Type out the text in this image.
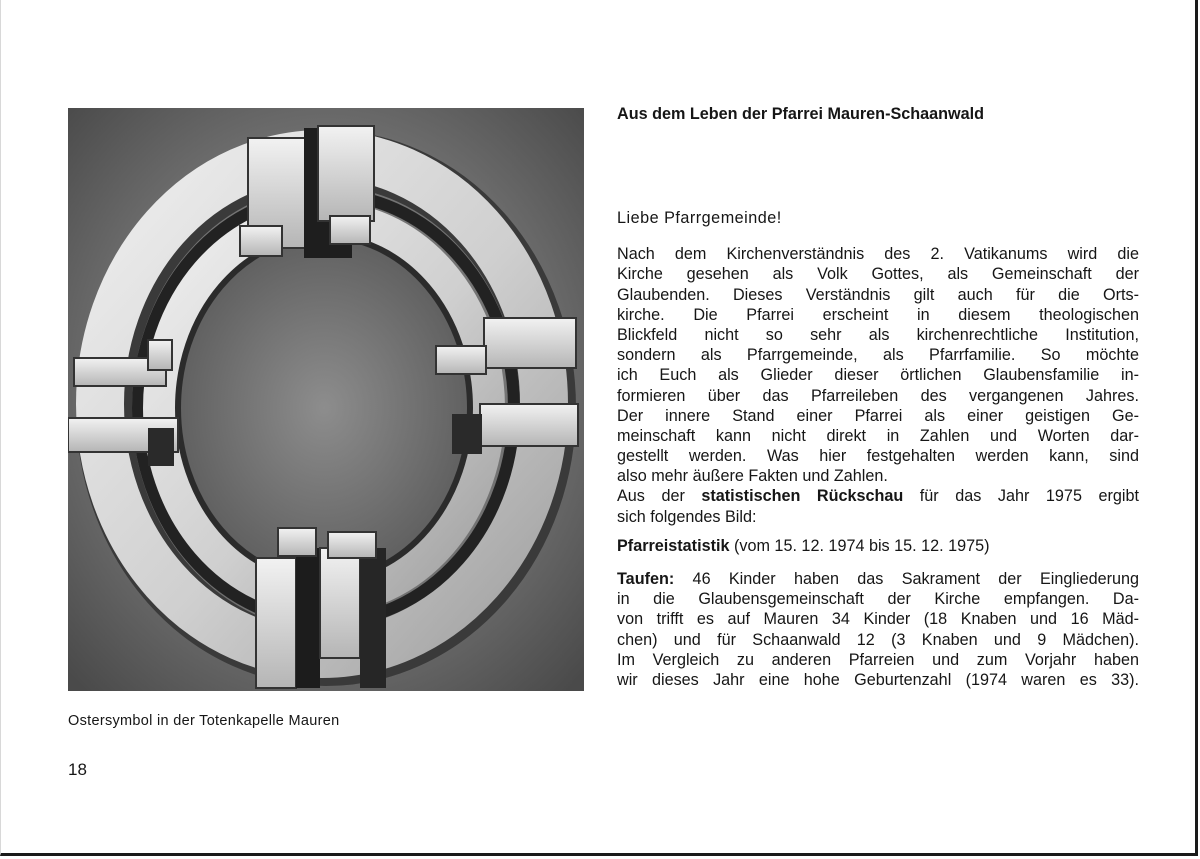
Ostersymbol in der Totenkapelle Mauren
18

Aus dem Leben der Pfarrei Mauren-Schaanwald

Liebe Pfarrgemeinde!

Nach dem Kirchenverständnis des 2. Vatikanums wird die
Kirche gesehen als Volk Gottes, als Gemeinschaft der
Glaubenden. Dieses Verständnis gilt auch für die Orts-
kirche. Die Pfarrei erscheint in diesem theologischen
Blickfeld nicht so sehr als kirchenrechtliche Institution,
sondern als Pfarrgemeinde, als Pfarrfamilie. So möchte
ich Euch als Glieder dieser örtlichen Glaubensfamilie in-
formieren über das Pfarreileben des vergangenen Jahres.
Der innere Stand einer Pfarrei als einer geistigen Ge-
meinschaft kann nicht direkt in Zahlen und Worten dar-
gestellt werden. Was hier festgehalten werden kann, sind
also mehr äußere Fakten und Zahlen.
Aus der statistischen Rückschau für das Jahr 1975 ergibt
sich folgendes Bild:

Pfarreistatistik (vom 15. 12. 1974 bis 15. 12. 1975)

Taufen: 46 Kinder haben das Sakrament der Eingliederung
in die Glaubensgemeinschaft der Kirche empfangen. Da-
von trifft es auf Mauren 34 Kinder (18 Knaben und 16 Mäd-
chen) und für Schaanwald 12 (3 Knaben und 9 Mädchen).
Im Vergleich zu anderen Pfarreien und zum Vorjahr haben
wir dieses Jahr eine hohe Geburtenzahl (1974 waren es 33).
